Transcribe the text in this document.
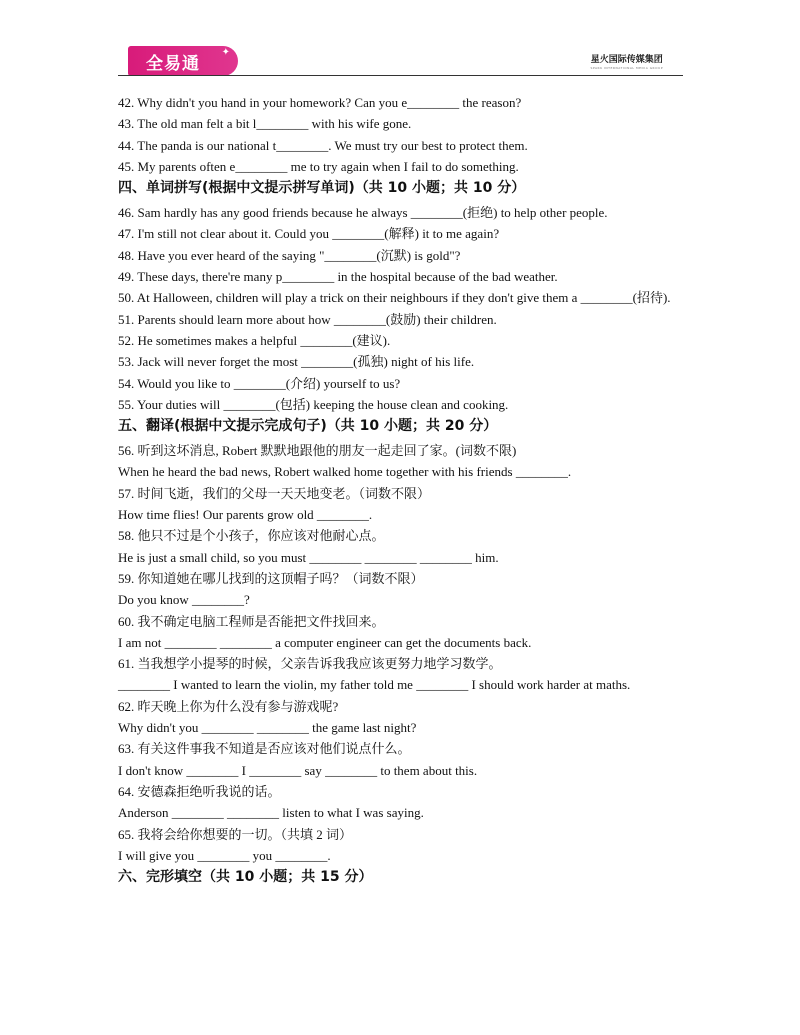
全易通
✦
星火国际传媒集团
SPARK INTERNATIONAL MEDIA GROUP
42. Why didn't you hand in your homework? Can you e________ the reason?
43. The old man felt a bit l________ with his wife gone.
44. The panda is our national t________. We must try our best to protect them.
45. My parents often e________ me to try again when I fail to do something.
四、单词拼写(根据中文提示拼写单词)（共 10 小题；共 10 分）
46. Sam hardly has any good friends because he always ________(拒绝) to help other people.
47. I'm still not clear about it. Could you ________(解释) it to me again?
48. Have you ever heard of the saying "________(沉默) is gold"?
49. These days, there're many p________ in the hospital because of the bad weather.
50. At Halloween, children will play a trick on their neighbours if they don't give them a ________(招待).
51. Parents should learn more about how ________(鼓励) their children.
52. He sometimes makes a helpful ________(建议).
53. Jack will never forget the most ________(孤独) night of his life.
54. Would you like to ________(介绍) yourself to us?
55. Your duties will ________(包括) keeping the house clean and cooking.
五、翻译(根据中文提示完成句子)（共 10 小题；共 20 分）
56. 听到这坏消息, Robert 默默地跟他的朋友一起走回了家。(词数不限)
When he heard the bad news, Robert walked home together with his friends ________.
57. 时间飞逝，我们的父母一天天地变老。（词数不限）
How time flies! Our parents grow old ________.
58. 他只不过是个小孩子，你应该对他耐心点。
He is just a small child, so you must ________ ________ ________ him.
59. 你知道她在哪儿找到的这顶帽子吗？（词数不限）
Do you know ________?
60. 我不确定电脑工程师是否能把文件找回来。
I am not ________ ________ a computer engineer can get the documents back.
61. 当我想学小提琴的时候，父亲告诉我我应该更努力地学习数学。
________ I wanted to learn the violin, my father told me ________ I should work harder at maths.
62. 昨天晚上你为什么没有参与游戏呢?
Why didn't you ________ ________ the game last night?
63. 有关这件事我不知道是否应该对他们说点什么。
I don't know ________ I ________ say ________ to them about this.
64. 安德森拒绝听我说的话。
Anderson ________ ________ listen to what I was saying.
65. 我将会给你想要的一切。（共填 2 词）
I will give you ________ you ________.
六、完形填空（共 10 小题；共 15 分）
